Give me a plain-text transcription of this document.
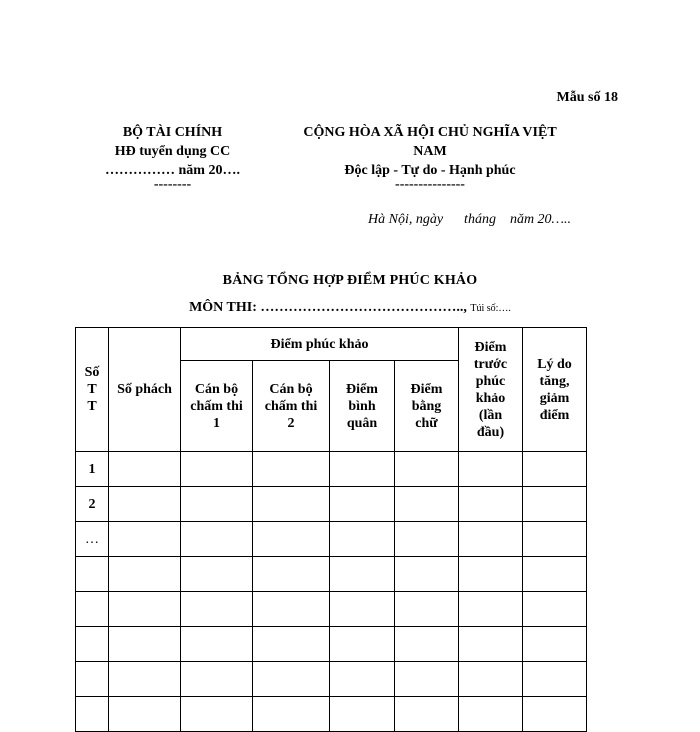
Mẫu số 18
BỘ TÀI CHÍNH
HĐ tuyển dụng CC
…………… năm 20….
--------
CỘNG HÒA XÃ HỘI CHỦ NGHĨA VIỆT
NAM
Độc lập - Tự do - Hạnh phúc
---------------
Hà Nội, ngày      tháng    năm 20…..
BẢNG TỔNG HỢP ĐIỂM PHÚC KHẢO
MÔN THI: …………………………………….., Túi số:….
Số T T	Số phách	Điểm phúc khảo				Điểm trước phúc khảo (lần đầu)	Lý do tăng, giảm điểm
		Cán bộ chấm thi 1	Cán bộ chấm thi 2	Điểm bình quân	Điểm bằng chữ		
1							
2							
…							
